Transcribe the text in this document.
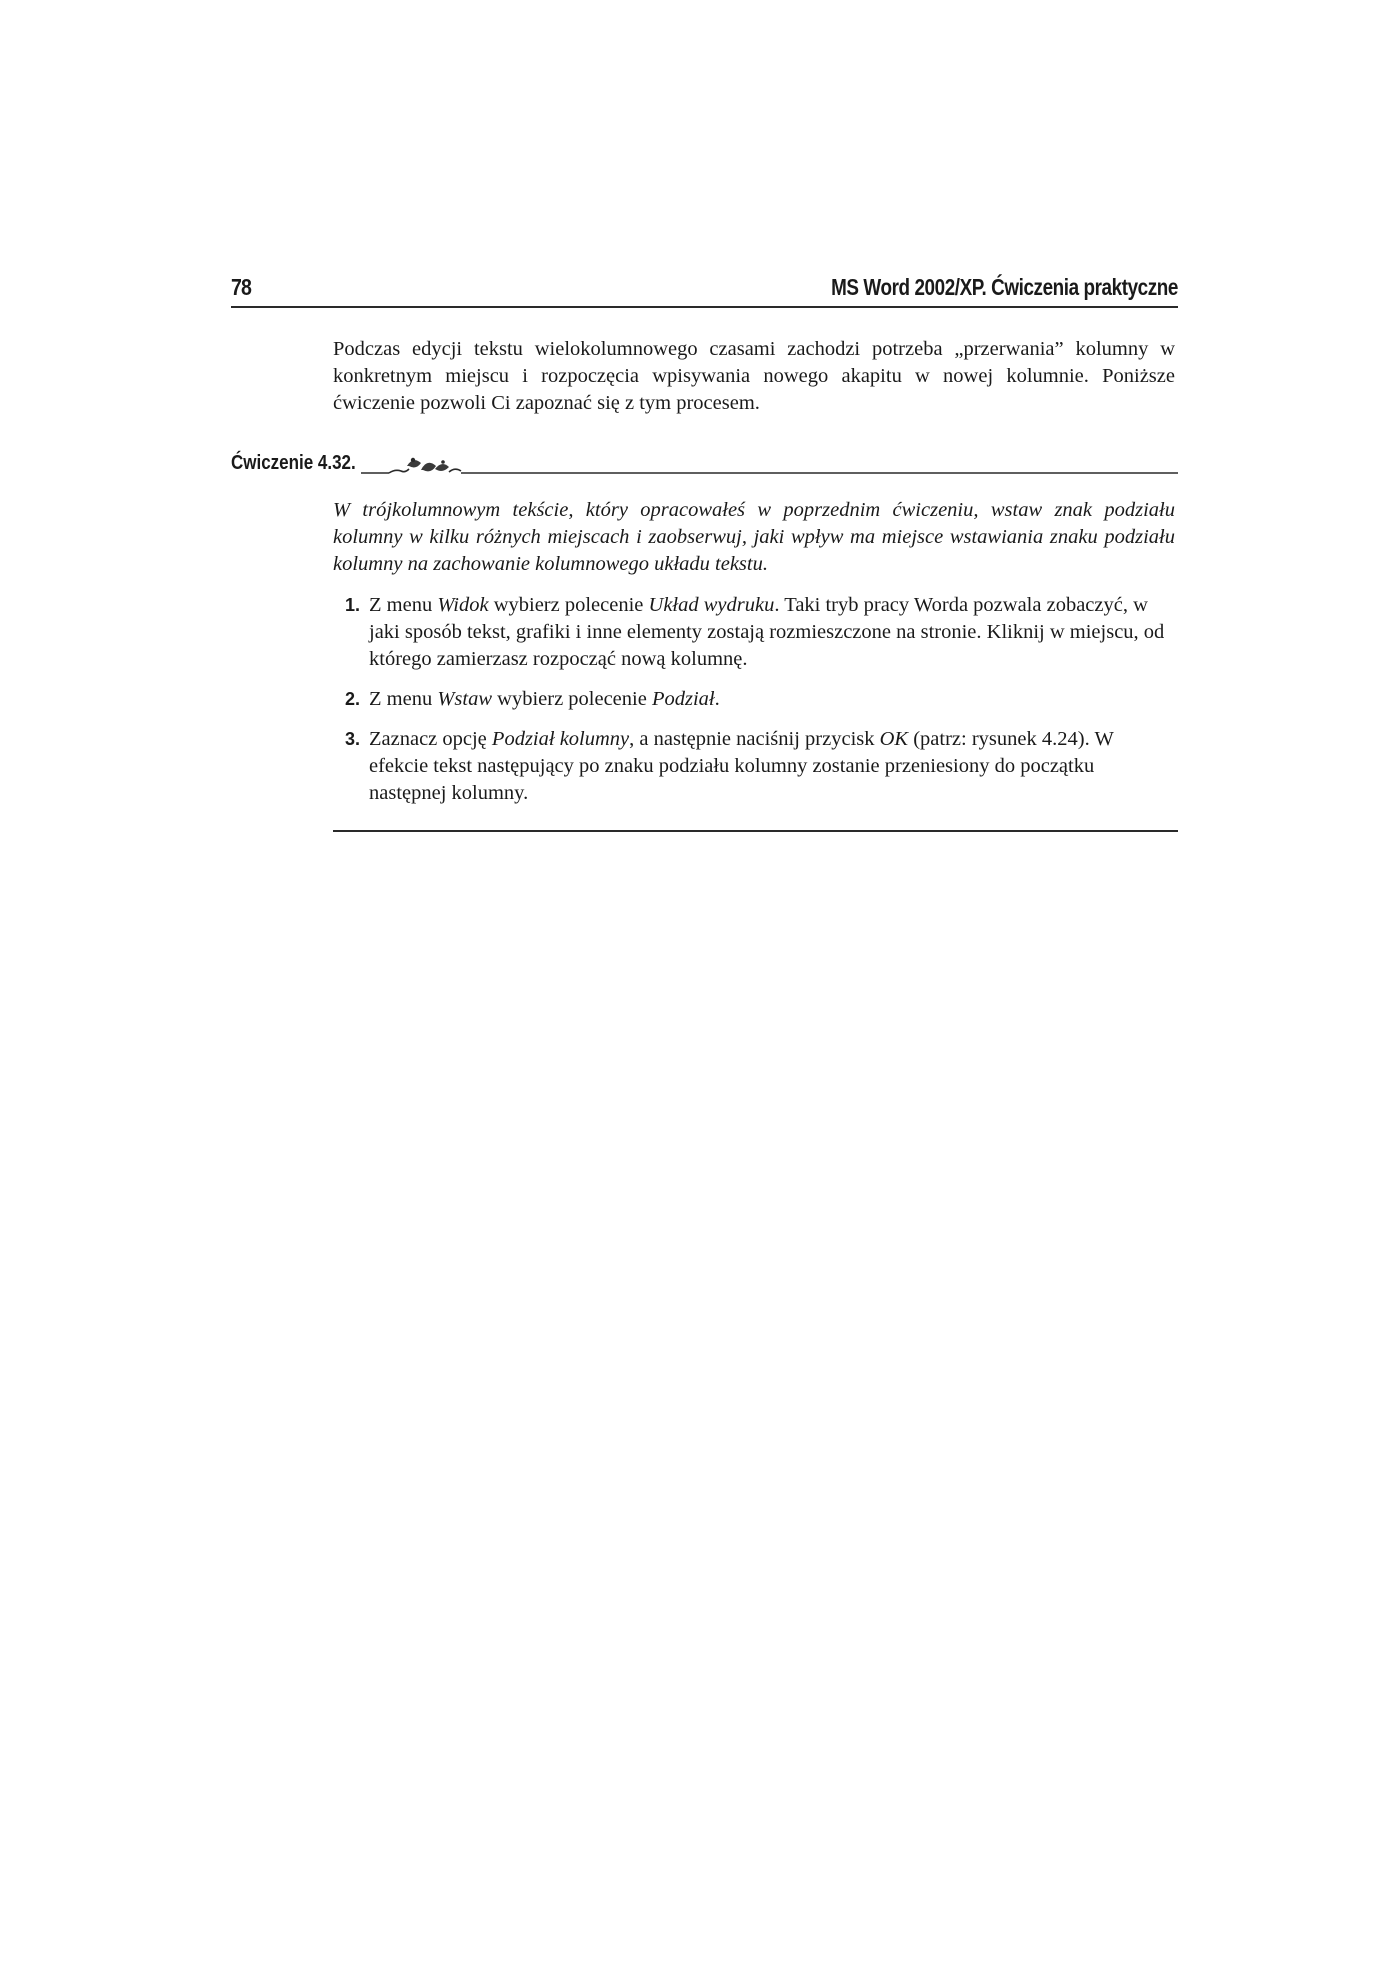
78	MS Word 2002/XP. Ćwiczenia praktyczne

Podczas edycji tekstu wielokolumnowego czasami zachodzi potrzeba „przerwania” kolumny w konkretnym miejscu i rozpoczęcia wpisywania nowego akapitu w nowej kolumnie. Poniższe ćwiczenie pozwoli Ci zapoznać się z tym procesem.

Ćwiczenie 4.32.

W trójkolumnowym tekście, który opracowałeś w poprzednim ćwiczeniu, wstaw znak podziału kolumny w kilku różnych miejscach i zaobserwuj, jaki wpływ ma miejsce wstawiania znaku podziału kolumny na zachowanie kolumnowego układu tekstu.

1. Z menu Widok wybierz polecenie Układ wydruku. Taki tryb pracy Worda pozwala zobaczyć, w jaki sposób tekst, grafiki i inne elementy zostają rozmieszczone na stronie. Kliknij w miejscu, od którego zamierzasz rozpocząć nową kolumnę.
2. Z menu Wstaw wybierz polecenie Podział.
3. Zaznacz opcję Podział kolumny, a następnie naciśnij przycisk OK (patrz: rysunek 4.24). W efekcie tekst następujący po znaku podziału kolumny zostanie przeniesiony do początku następnej kolumny.
